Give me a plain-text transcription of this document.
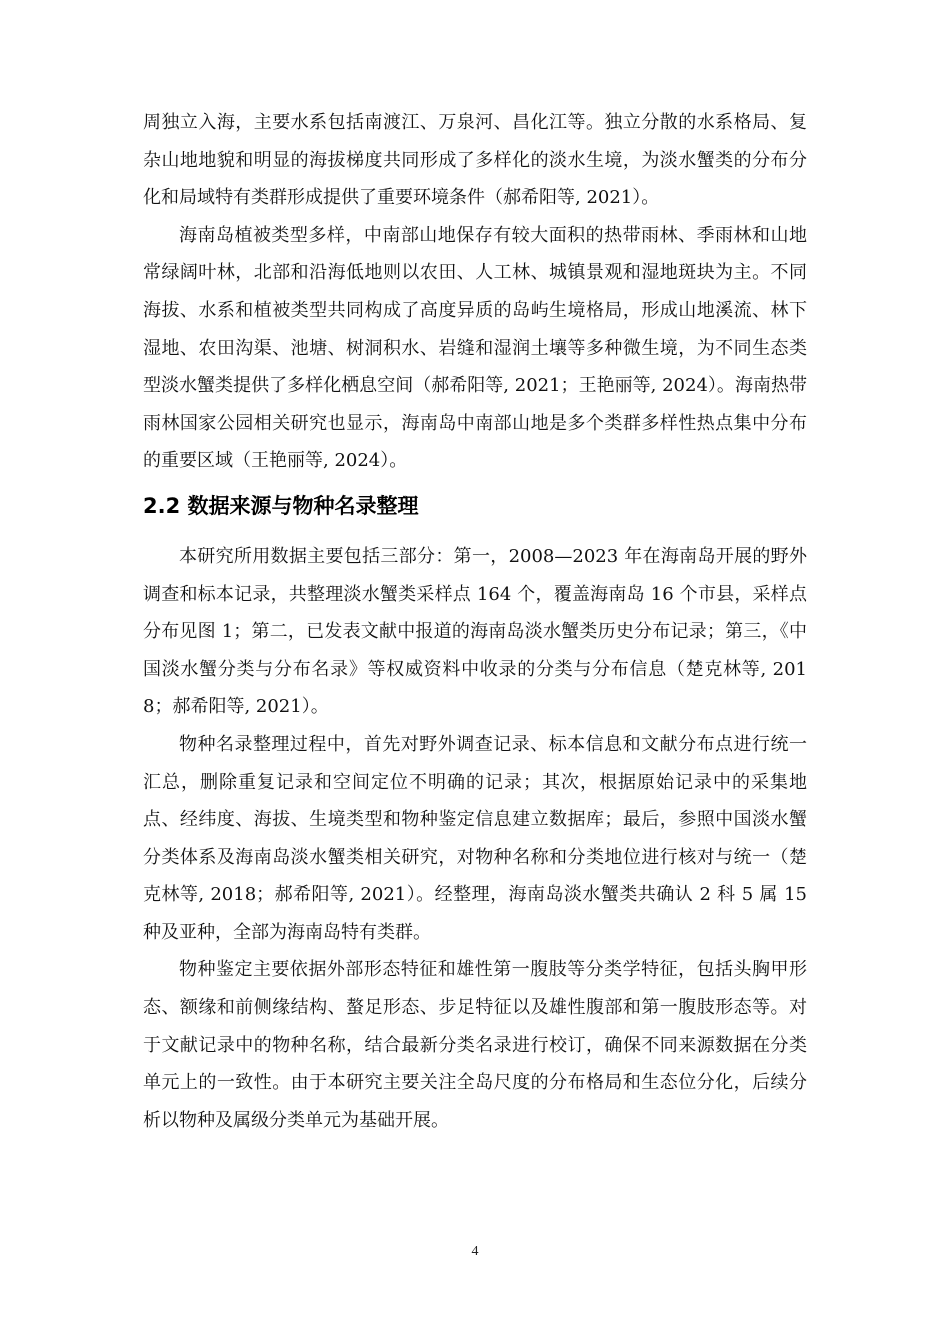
周独立入海，主要水系包括南渡江、万泉河、昌化江等。独立分散的水系格局、复杂山地地貌和明显的海拔梯度共同形成了多样化的淡水生境，为淡水蟹类的分布分化和局域特有类群形成提供了重要环境条件（郝希阳等, 2021）。

海南岛植被类型多样，中南部山地保存有较大面积的热带雨林、季雨林和山地常绿阔叶林，北部和沿海低地则以农田、人工林、城镇景观和湿地斑块为主。不同海拔、水系和植被类型共同构成了高度异质的岛屿生境格局，形成山地溪流、林下湿地、农田沟渠、池塘、树洞积水、岩缝和湿润土壤等多种微生境，为不同生态类型淡水蟹类提供了多样化栖息空间（郝希阳等, 2021；王艳丽等, 2024）。海南热带雨林国家公园相关研究也显示，海南岛中南部山地是多个类群多样性热点集中分布的重要区域（王艳丽等, 2024）。

2.2 数据来源与物种名录整理

本研究所用数据主要包括三部分：第一，2008—2023 年在海南岛开展的野外调查和标本记录，共整理淡水蟹类采样点 164 个，覆盖海南岛 16 个市县，采样点分布见图 1；第二，已发表文献中报道的海南岛淡水蟹类历史分布记录；第三，《中国淡水蟹分类与分布名录》等权威资料中收录的分类与分布信息（楚克林等, 2018；郝希阳等, 2021）。

物种名录整理过程中，首先对野外调查记录、标本信息和文献分布点进行统一汇总，删除重复记录和空间定位不明确的记录；其次，根据原始记录中的采集地点、经纬度、海拔、生境类型和物种鉴定信息建立数据库；最后，参照中国淡水蟹分类体系及海南岛淡水蟹类相关研究，对物种名称和分类地位进行核对与统一（楚克林等, 2018；郝希阳等, 2021）。经整理，海南岛淡水蟹类共确认 2 科 5 属 15 种及亚种，全部为海南岛特有类群。

物种鉴定主要依据外部形态特征和雄性第一腹肢等分类学特征，包括头胸甲形态、额缘和前侧缘结构、螯足形态、步足特征以及雄性腹部和第一腹肢形态等。对于文献记录中的物种名称，结合最新分类名录进行校订，确保不同来源数据在分类单元上的一致性。由于本研究主要关注全岛尺度的分布格局和生态位分化，后续分析以物种及属级分类单元为基础开展。

4
